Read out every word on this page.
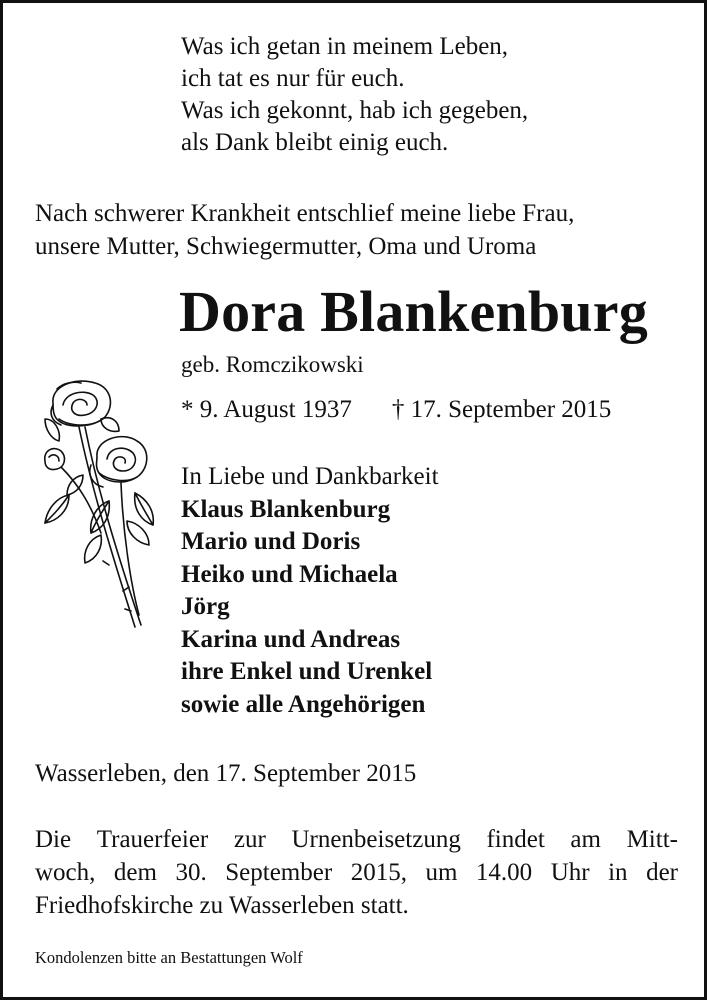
Was ich getan in meinem Leben,
ich tat es nur für euch.
Was ich gekonnt, hab ich gegeben,
als Dank bleibt einig euch.
Nach schwerer Krankheit entschlief meine liebe Frau,
unsere Mutter, Schwiegermutter, Oma und Uroma
Dora Blankenburg
geb. Romczikowski
* 9. August 1937 † 17. September 2015
In Liebe und Dankbarkeit
Klaus Blankenburg
Mario und Doris
Heiko und Michaela
Jörg
Karina und Andreas
ihre Enkel und Urenkel
sowie alle Angehörigen
Wasserleben, den 17. September 2015
Die Trauerfeier zur Urnenbeisetzung findet am Mitt-
woch, dem 30. September 2015, um 14.00 Uhr in der
Friedhofskirche zu Wasserleben statt.
Kondolenzen bitte an Bestattungen Wolf
